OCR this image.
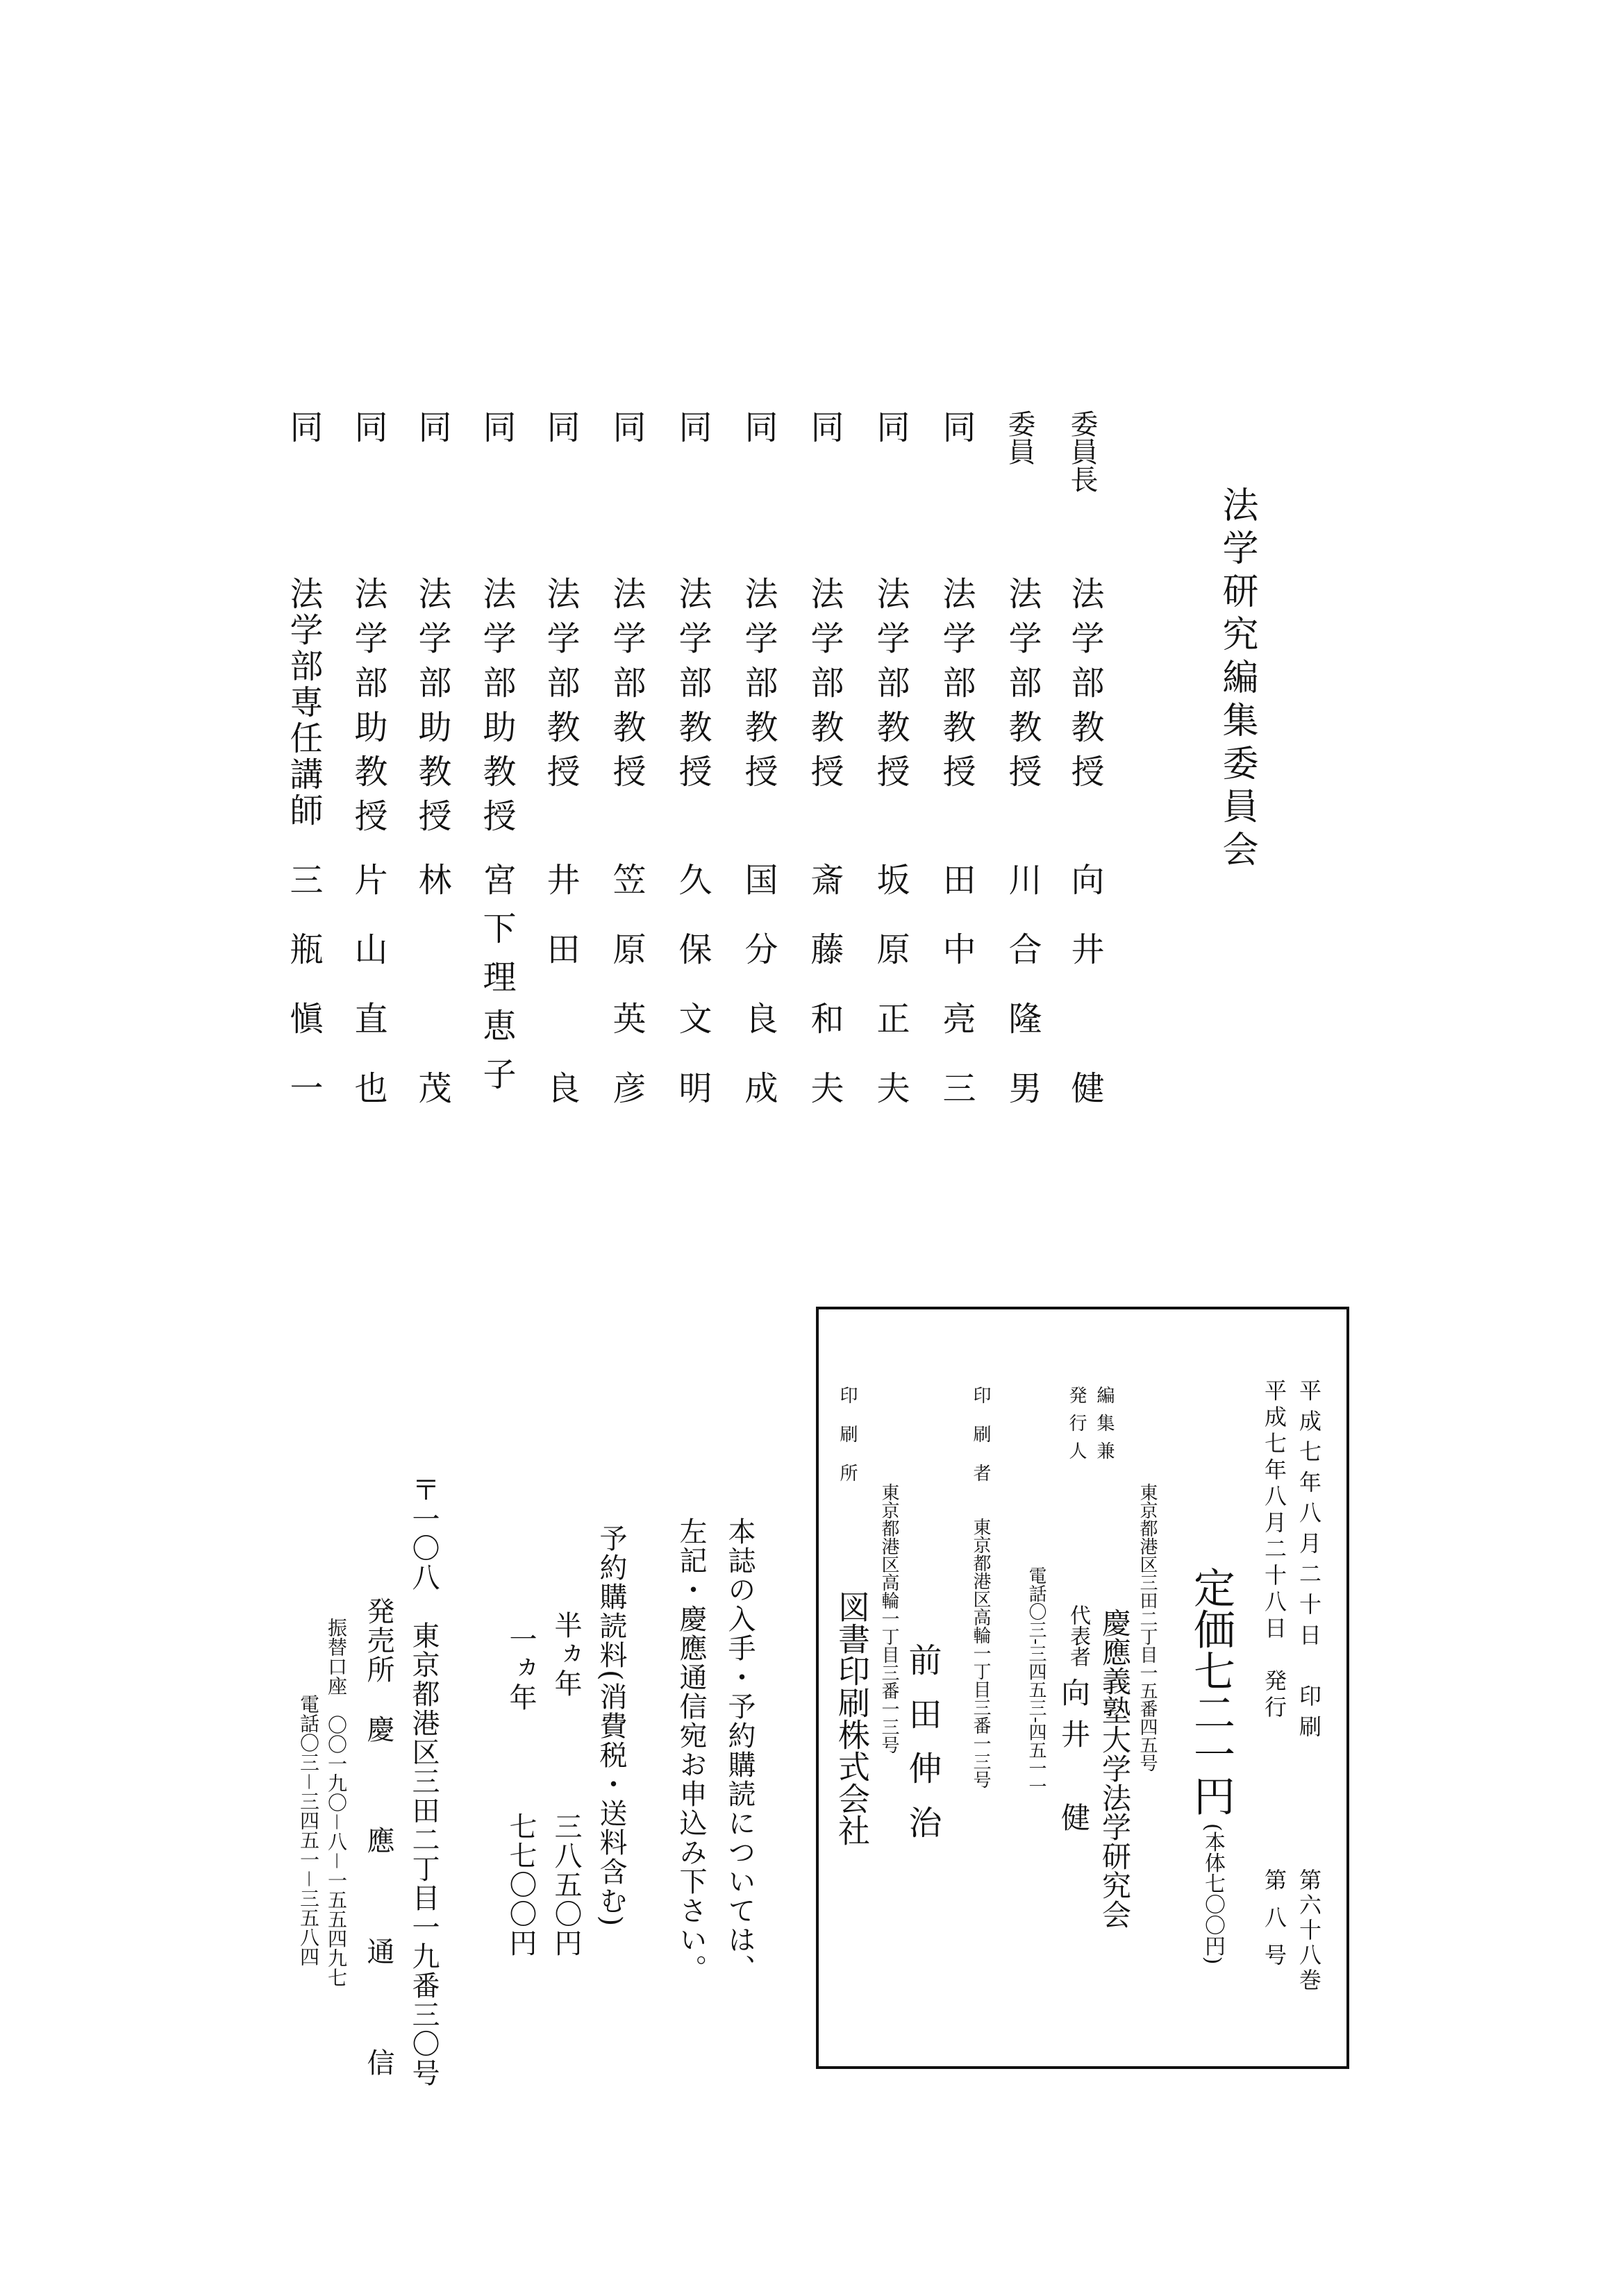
法学研究編集委員会
委員長
法学部教授
向井　健
委員
法学部教授
川合隆男
同
法学部教授
田中亮三
同
法学部教授
坂原正夫
同
法学部教授
斎藤和夫
同
法学部教授
国分良成
同
法学部教授
久保文明
同
法学部教授
笠原英彦
同
法学部教授
井田　良
同
法学部助教授
宮下理恵子
同
法学部助教授
林　　茂
同
法学部助教授
片山直也
同
法学部専任講師
三瓶愼一
平成七年八月二十日　印刷
平成七年八月二十八日　発行
第六十八巻
第八号
定価七二一円
(本体七〇〇円)
東京都港区三田二丁目一五番四五号
編集兼
発行人
慶應義塾大学法学研究会
代表者
向井　健
電話〇三-三四五三-四五一一
印刷者
東京都港区高輪一丁目三番一三号
前田伸治
印刷所
東京都港区高輪一丁目三番一三号
図書印刷株式会社
本誌の入手・予約購読については、
左記・慶應通信宛お申込み下さい。
予約購読料(消費税・送料含む)
半ヵ年
三八五〇円
一ヵ年
七七〇〇円
〒一〇八　東京都港区三田二丁目一九番三〇号
発売所
慶　應　通　信
振替口座　〇〇一九〇－八－一五五四九七
電話〇三－三四五一－三五八四
